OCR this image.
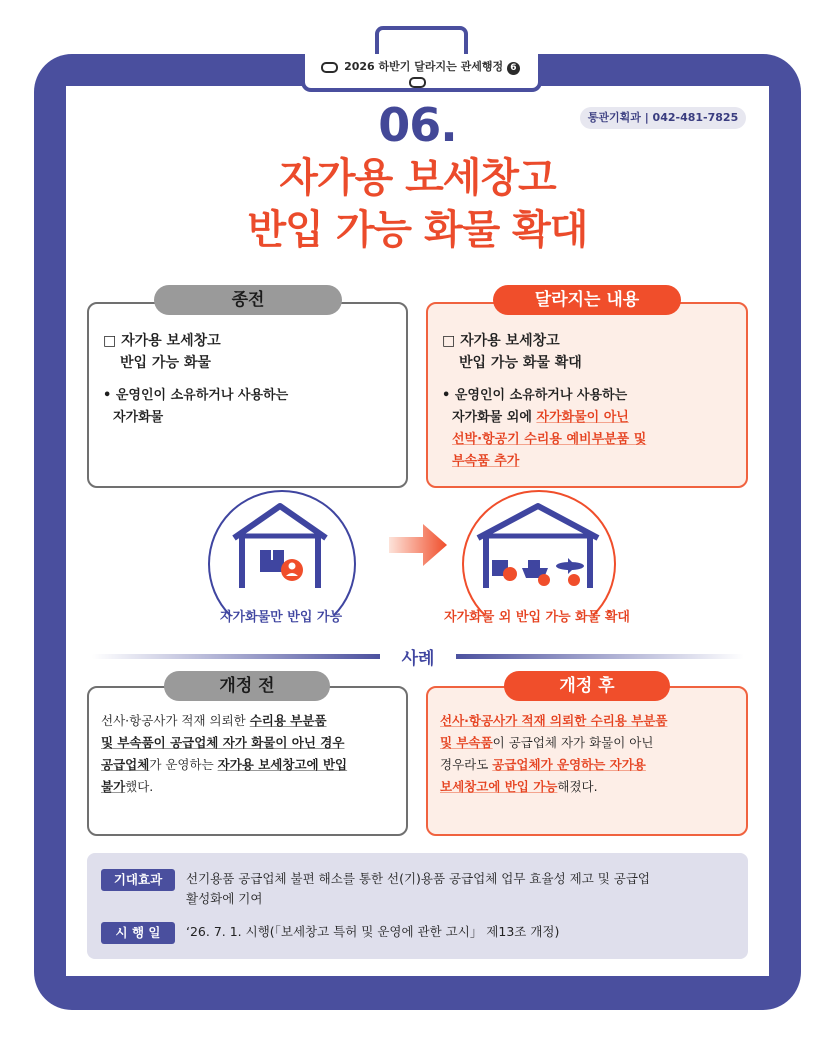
2026 하반기 달라지는 관세행정 6
통관기획과 | 042-481-7825
06.
자가용 보세창고
반입 가능 화물 확대
종전
□ 자가용 보세창고
반입 가능 화물
• 운영인이 소유하거나 사용하는
자가화물
달라지는 내용
□ 자가용 보세창고
반입 가능 화물 확대
• 운영인이 소유하거나 사용하는
자가화물 외에 자가화물이 아닌
선박·항공기 수리용 예비부분품 및
부속품 추가
자가화물만 반입 가능	자가화물 외 반입 가능 화물 확대
사례
개정 전
선사·항공사가 적재 의뢰한 수리용 부분품
및 부속품이 공급업체 자가 화물이 아닌 경우
공급업체가 운영하는 자가용 보세창고에 반입
불가했다.
개정 후
선사·항공사가 적재 의뢰한 수리용 부분품
및 부속품이 공급업체 자가 화물이 아닌
경우라도 공급업체가 운영하는 자가용
보세창고에 반입 가능해졌다.
기대효과	선기용품 공급업체 불편 해소를 통한 선(기)용품 공급업체 업무 효율성 제고 및 공급업
활성화에 기여
시 행 일	‘26. 7. 1. 시행(「보세창고 특허 및 운영에 관한 고시」 제13조 개정)
